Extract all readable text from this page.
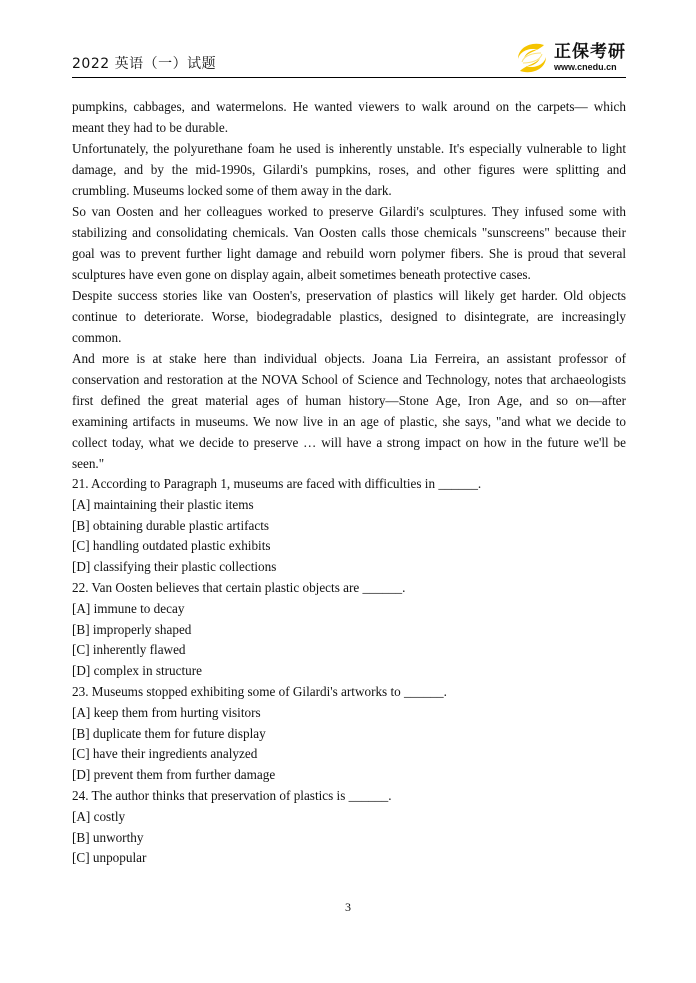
2022 英语（一）试题
正保考研
www.cnedu.cn

pumpkins, cabbages, and watermelons. He wanted viewers to walk around on the carpets— which meant they had to be durable.

Unfortunately, the polyurethane foam he used is inherently unstable. It's especially vulnerable to light damage, and by the mid-1990s, Gilardi's pumpkins, roses, and other figures were splitting and crumbling. Museums locked some of them away in the dark.

So van Oosten and her colleagues worked to preserve Gilardi's sculptures. They infused some with stabilizing and consolidating chemicals. Van Oosten calls those chemicals "sunscreens" because their goal was to prevent further light damage and rebuild worn polymer fibers. She is proud that several sculptures have even gone on display again, albeit sometimes beneath protective cases.

Despite success stories like van Oosten's, preservation of plastics will likely get harder. Old objects continue to deteriorate. Worse, biodegradable plastics, designed to disintegrate, are increasingly common.

And more is at stake here than individual objects. Joana Lia Ferreira, an assistant professor of conservation and restoration at the NOVA School of Science and Technology, notes that archaeologists first defined the great material ages of human history—Stone Age, Iron Age, and so on—after examining artifacts in museums. We now live in an age of plastic, she says, "and what we decide to collect today, what we decide to preserve … will have a strong impact on how in the future we'll be seen."

21. According to Paragraph 1, museums are faced with difficulties in ______.

[A] maintaining their plastic items

[B] obtaining durable plastic artifacts

[C] handling outdated plastic exhibits

[D] classifying their plastic collections

22. Van Oosten believes that certain plastic objects are ______.

[A] immune to decay

[B] improperly shaped

[C] inherently flawed

[D] complex in structure

23. Museums stopped exhibiting some of Gilardi's artworks to ______.

[A] keep them from hurting visitors

[B] duplicate them for future display

[C] have their ingredients analyzed

[D] prevent them from further damage

24. The author thinks that preservation of plastics is ______.

[A] costly

[B] unworthy

[C] unpopular

3
